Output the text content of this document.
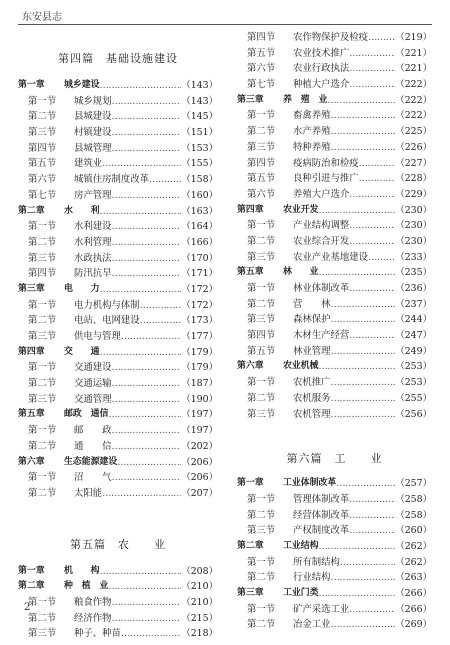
东安县志
第四篇　基础设施建设
第一章	城乡建设 ……………………………………………………………………………………………………	（143）
第一节	城乡规划 ……………………………………………………………………………………………………	（143）
第二节	县城建设 ……………………………………………………………………………………………………	（145）
第三节	村镇建设 ……………………………………………………………………………………………………	（151）
第四节	县城管理 ……………………………………………………………………………………………………	（153）
第五节	建筑业 ……………………………………………………………………………………………………	（155）
第六节	城镇住房制度改革 ……………………………………………………………………………………………………	（158）
第七节	房产管理 ……………………………………………………………………………………………………	（160）
第二章	水　　利 ……………………………………………………………………………………………………	（163）
第一节	水利建设 ……………………………………………………………………………………………………	（164）
第二节	水利管理 ……………………………………………………………………………………………………	（166）
第三节	水政执法 ……………………………………………………………………………………………………	（170）
第四节	防汛抗旱 ……………………………………………………………………………………………………	（171）
第三章	电　　力 ……………………………………………………………………………………………………	（172）
第一节	电力机构与体制 ……………………………………………………………………………………………………	（172）
第二节	电站、电网建设 ……………………………………………………………………………………………………	（173）
第三节	供电与管理 ……………………………………………………………………………………………………	（177）
第四章	交　　通 ……………………………………………………………………………………………………	（179）
第一节	交通建设 ……………………………………………………………………………………………………	（179）
第二节	交通运输 ……………………………………………………………………………………………………	（187）
第三节	交通管理 ……………………………………………………………………………………………………	（190）
第五章	邮政　通信 ……………………………………………………………………………………………………	（197）
第一节	邮　　政 ……………………………………………………………………………………………………	（197）
第二节	通　　信 ……………………………………………………………………………………………………	（202）
第六章	生态能源建设 ……………………………………………………………………………………………………	（206）
第一节	沼　　气 ……………………………………………………………………………………………………	（206）
第二节	太阳能 ……………………………………………………………………………………………………	（207）
第五篇　农　　业
第一章	机　　构 ……………………………………………………………………………………………………	（208）
第二章	种　植　业 ……………………………………………………………………………………………………	（210）
第一节	粮食作物 ……………………………………………………………………………………………………	（210）
第二节	经济作物 ……………………………………………………………………………………………………	（215）
第三节	种子、种苗 ……………………………………………………………………………………………………	（218）
第四节	农作物保护及检疫 ……………………………………………………………………………………………………	（219）
第五节	农业技术推广 ……………………………………………………………………………………………………	（221）
第六节	农业行政执法 ……………………………………………………………………………………………………	（221）
第七节	种植大户选介 ……………………………………………………………………………………………………	（222）
第三章	养　殖　业 ……………………………………………………………………………………………………	（222）
第一节	畜禽养殖 ……………………………………………………………………………………………………	（222）
第二节	水产养殖 ……………………………………………………………………………………………………	（225）
第三节	特种养殖 ……………………………………………………………………………………………………	（226）
第四节	疫病防治和检疫 ……………………………………………………………………………………………………	（227）
第五节	良种引进与推广 ……………………………………………………………………………………………………	（228）
第六节	养殖大户选介 ……………………………………………………………………………………………………	（229）
第四章	农业开发 ……………………………………………………………………………………………………	（230）
第一节	产业结构调整 ……………………………………………………………………………………………………	（230）
第二节	农业综合开发 ……………………………………………………………………………………………………	（230）
第三节	农业产业基地建设 ……………………………………………………………………………………………………	（233）
第五章	林　　业 ……………………………………………………………………………………………………	（235）
第一节	林业体制改革 ……………………………………………………………………………………………………	（236）
第二节	营　　林 ……………………………………………………………………………………………………	（237）
第三节	森林保护 ……………………………………………………………………………………………………	（244）
第四节	木材生产经营 ……………………………………………………………………………………………………	（247）
第五节	林业管理 ……………………………………………………………………………………………………	（249）
第六章	农业机械 ……………………………………………………………………………………………………	（253）
第一节	农机推广 ……………………………………………………………………………………………………	（253）
第二节	农机服务 ……………………………………………………………………………………………………	（255）
第三节	农机管理 ……………………………………………………………………………………………………	（256）
第六篇　工　　业
第一章	工业体制改革 ……………………………………………………………………………………………………	（257）
第一节	管理体制改革 ……………………………………………………………………………………………………	（258）
第二节	经营体制改革 ……………………………………………………………………………………………………	（258）
第三节	产权制度改革 ……………………………………………………………………………………………………	（260）
第二章	工业结构 ……………………………………………………………………………………………………	（262）
第一节	所有制结构 ……………………………………………………………………………………………………	（262）
第二节	行业结构 ……………………………………………………………………………………………………	（263）
第三章	工业门类 ……………………………………………………………………………………………………	（266）
第一节	矿产采选工业 ……………………………………………………………………………………………………	（266）
第二节	冶金工业 ……………………………………………………………………………………………………	（269）
2
